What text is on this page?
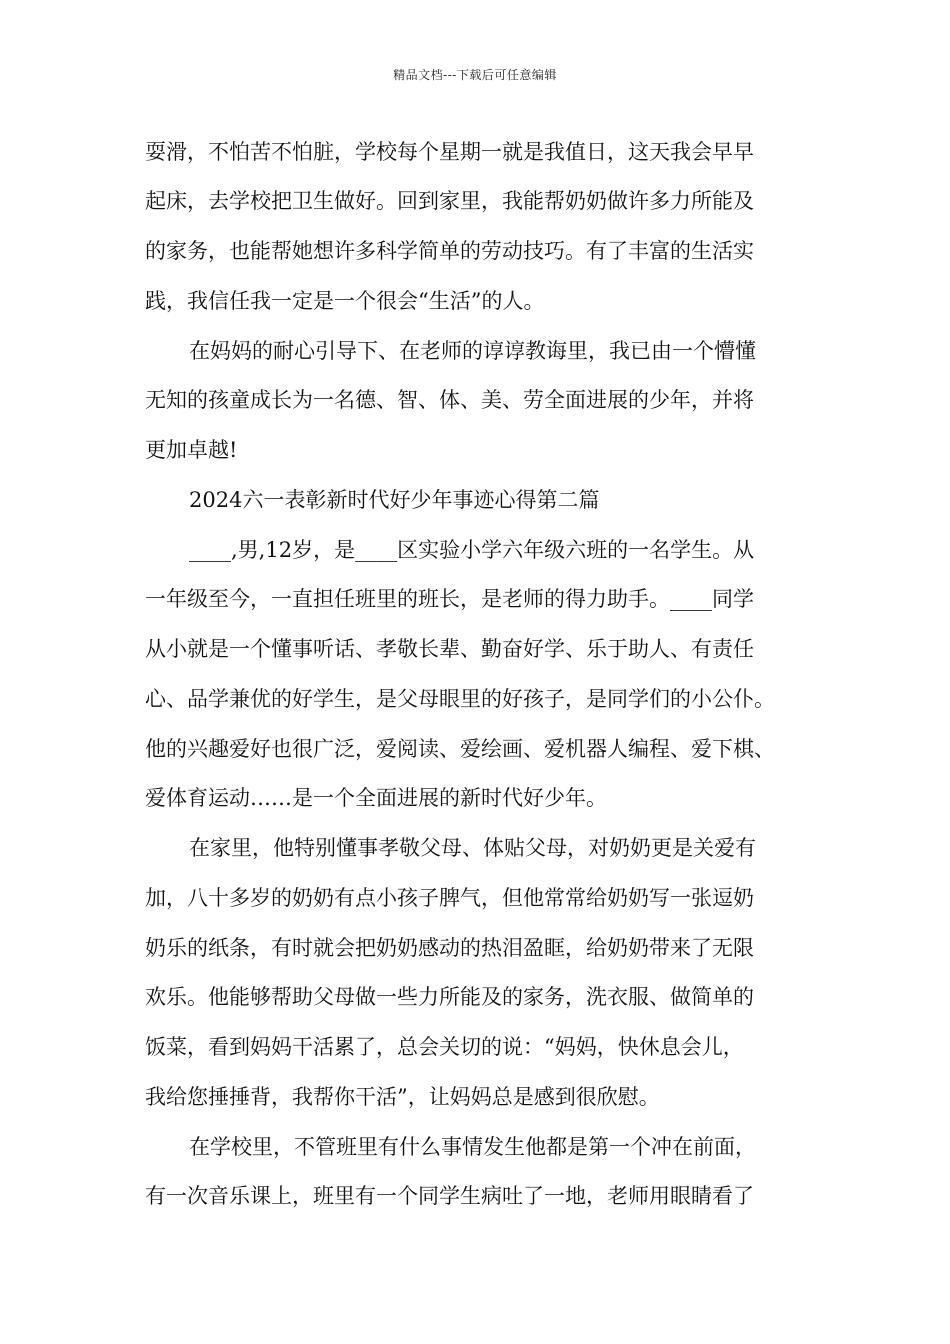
精品文档---下载后可任意编辑
耍滑，不怕苦不怕脏，学校每个星期一就是我值日，这天我会早早
起床，去学校把卫生做好。回到家里，我能帮奶奶做许多力所能及
的家务，也能帮她想许多科学简单的劳动技巧。有了丰富的生活实
践，我信任我一定是一个很会“生活”的人。
在妈妈的耐心引导下、在老师的谆谆教诲里，我已由一个懵懂
无知的孩童成长为一名德、智、体、美、劳全面进展的少年，并将
更加卓越!
2024六一表彰新时代好少年事迹心得第二篇
____,男,12岁，是____区实验小学六年级六班的一名学生。从
一年级至今，一直担任班里的班长，是老师的得力助手。____同学
从小就是一个懂事听话、孝敬长辈、勤奋好学、乐于助人、有责任
心、品学兼优的好学生，是父母眼里的好孩子，是同学们的小公仆。
他的兴趣爱好也很广泛，爱阅读、爱绘画、爱机器人编程、爱下棋、
爱体育运动……是一个全面进展的新时代好少年。
在家里，他特别懂事孝敬父母、体贴父母，对奶奶更是关爱有
加，八十多岁的奶奶有点小孩子脾气，但他常常给奶奶写一张逗奶
奶乐的纸条，有时就会把奶奶感动的热泪盈眶，给奶奶带来了无限
欢乐。他能够帮助父母做一些力所能及的家务，洗衣服、做简单的
饭菜，看到妈妈干活累了，总会关切的说：“妈妈，快休息会儿，
我给您捶捶背，我帮你干活”，让妈妈总是感到很欣慰。
在学校里，不管班里有什么事情发生他都是第一个冲在前面，
有一次音乐课上，班里有一个同学生病吐了一地，老师用眼睛看了
